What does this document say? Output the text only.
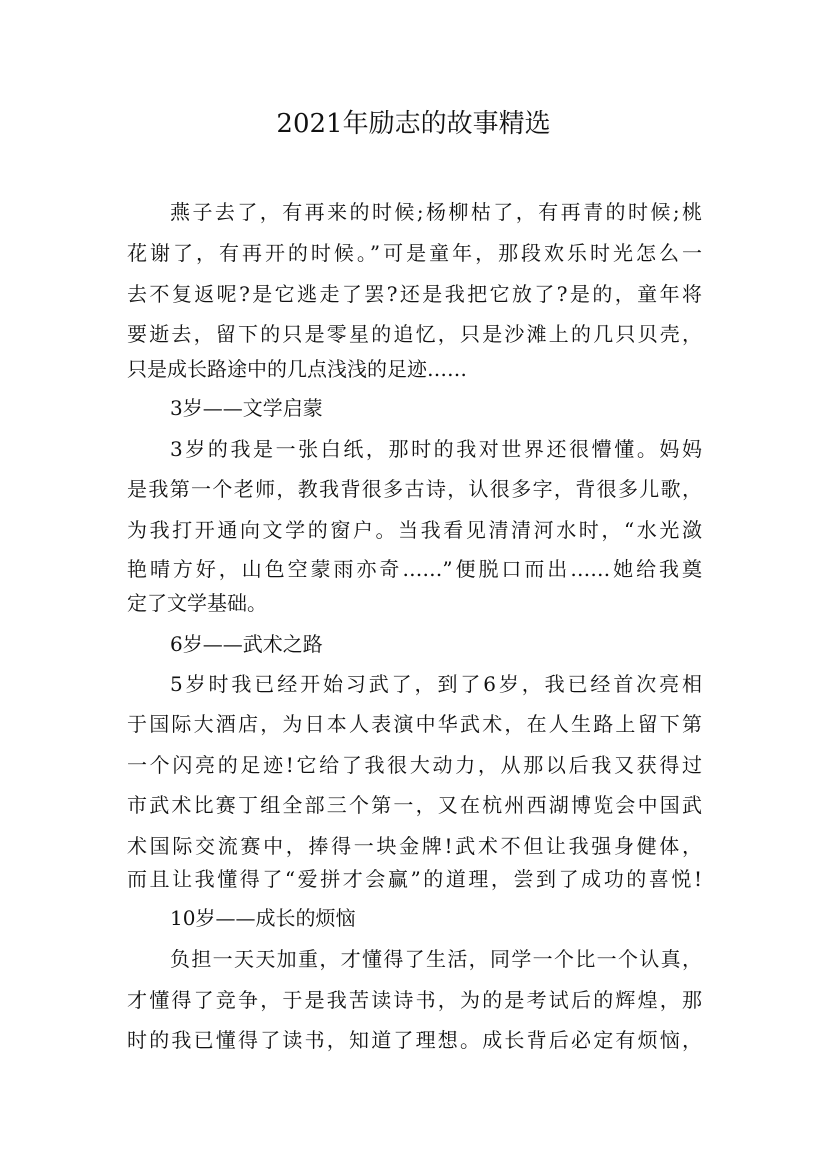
2021年励志的故事精选
燕子去了，有再来的时候;杨柳枯了，有再青的时候;桃
花谢了，有再开的时候。”可是童年，那段欢乐时光怎么一
去不复返呢?是它逃走了罢?还是我把它放了?是的，童年将
要逝去，留下的只是零星的追忆，只是沙滩上的几只贝壳，
只是成长路途中的几点浅浅的足迹……
3岁——文学启蒙
3岁的我是一张白纸，那时的我对世界还很懵懂。妈妈
是我第一个老师，教我背很多古诗，认很多字，背很多儿歌，
为我打开通向文学的窗户。当我看见清清河水时，“水光潋
艳晴方好，山色空蒙雨亦奇……”便脱口而出……她给我奠
定了文学基础。
6岁——武术之路
5岁时我已经开始习武了，到了6岁，我已经首次亮相
于国际大酒店，为日本人表演中华武术，在人生路上留下第
一个闪亮的足迹!它给了我很大动力，从那以后我又获得过
市武术比赛丁组全部三个第一，又在杭州西湖博览会中国武
术国际交流赛中，捧得一块金牌!武术不但让我强身健体，
而且让我懂得了“爱拼才会赢”的道理，尝到了成功的喜悦!
10岁——成长的烦恼
负担一天天加重，才懂得了生活，同学一个比一个认真，
才懂得了竞争，于是我苦读诗书，为的是考试后的辉煌，那
时的我已懂得了读书，知道了理想。成长背后必定有烦恼，
